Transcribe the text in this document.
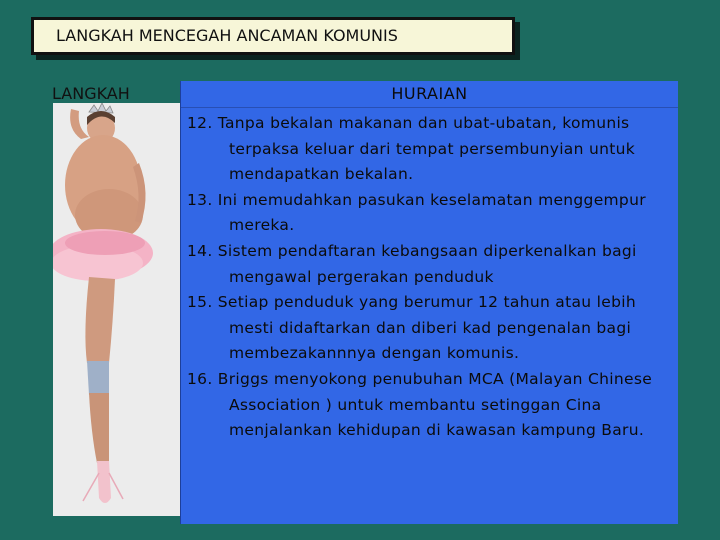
LANGKAH MENCEGAH ANCAMAN KOMUNIS
LANGKAH	HURAIAN
12. Tanpa bekalan makanan dan ubat-ubatan, komunis terpaksa keluar dari tempat persembunyian untuk mendapatkan bekalan.
13. Ini memudahkan pasukan keselamatan menggempur mereka.
14. Sistem pendaftaran kebangsaan diperkenalkan bagi mengawal pergerakan penduduk
15. Setiap penduduk yang berumur 12 tahun atau lebih mesti didaftarkan dan diberi kad pengenalan bagi membezakannnya dengan komunis.
16. Briggs menyokong penubuhan MCA (Malayan Chinese Association ) untuk membantu setinggan Cina menjalankan kehidupan di kawasan kampung Baru.
